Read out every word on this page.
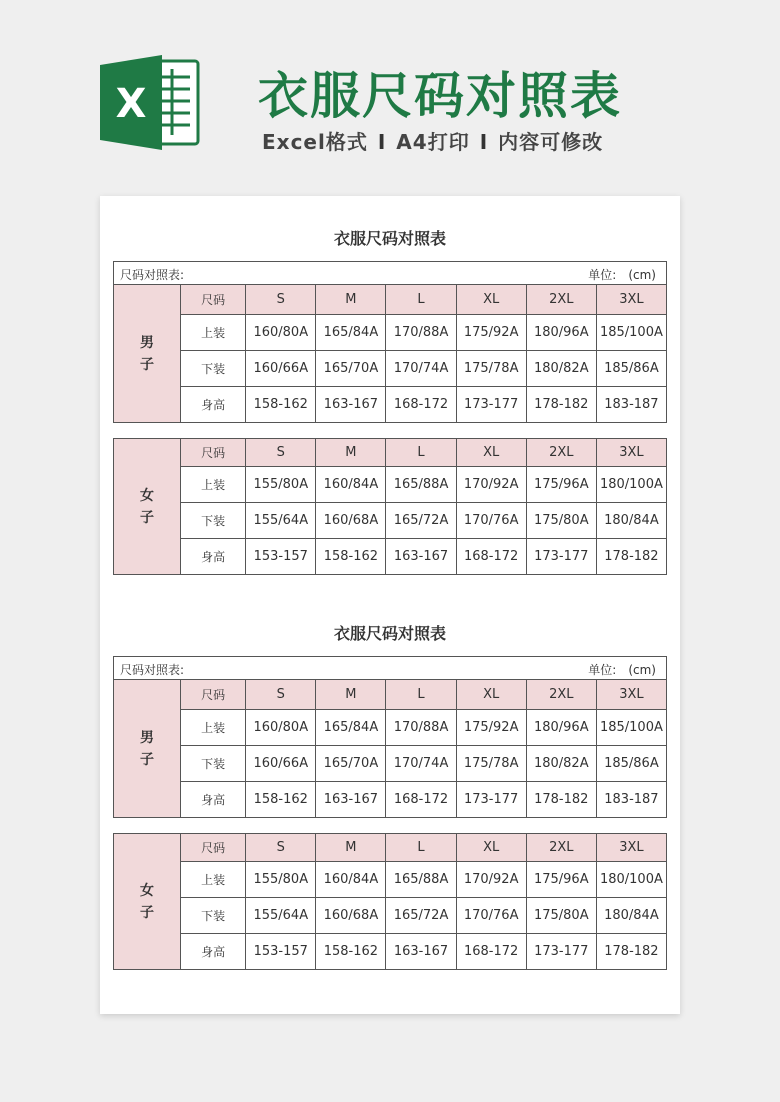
X 衣服尺码对照表
Excel格式 I A4打印 I 内容可修改
衣服尺码对照表
尺码对照表:	单位:　(cm)
男
子	尺码	S	M	L	XL	2XL	3XL
	上装	160/80A	165/84A	170/88A	175/92A	180/96A	185/100A
	下装	160/66A	165/70A	170/74A	175/78A	180/82A	185/86A
	身高	158-162	163-167	168-172	173-177	178-182	183-187
女
子	尺码	S	M	L	XL	2XL	3XL
	上装	155/80A	160/84A	165/88A	170/92A	175/96A	180/100A
	下装	155/64A	160/68A	165/72A	170/76A	175/80A	180/84A
	身高	153-157	158-162	163-167	168-172	173-177	178-182
衣服尺码对照表
尺码对照表:	单位:　(cm)
男
子	尺码	S	M	L	XL	2XL	3XL
	上装	160/80A	165/84A	170/88A	175/92A	180/96A	185/100A
	下装	160/66A	165/70A	170/74A	175/78A	180/82A	185/86A
	身高	158-162	163-167	168-172	173-177	178-182	183-187
女
子	尺码	S	M	L	XL	2XL	3XL
	上装	155/80A	160/84A	165/88A	170/92A	175/96A	180/100A
	下装	155/64A	160/68A	165/72A	170/76A	175/80A	180/84A
	身高	153-157	158-162	163-167	168-172	173-177	178-182
